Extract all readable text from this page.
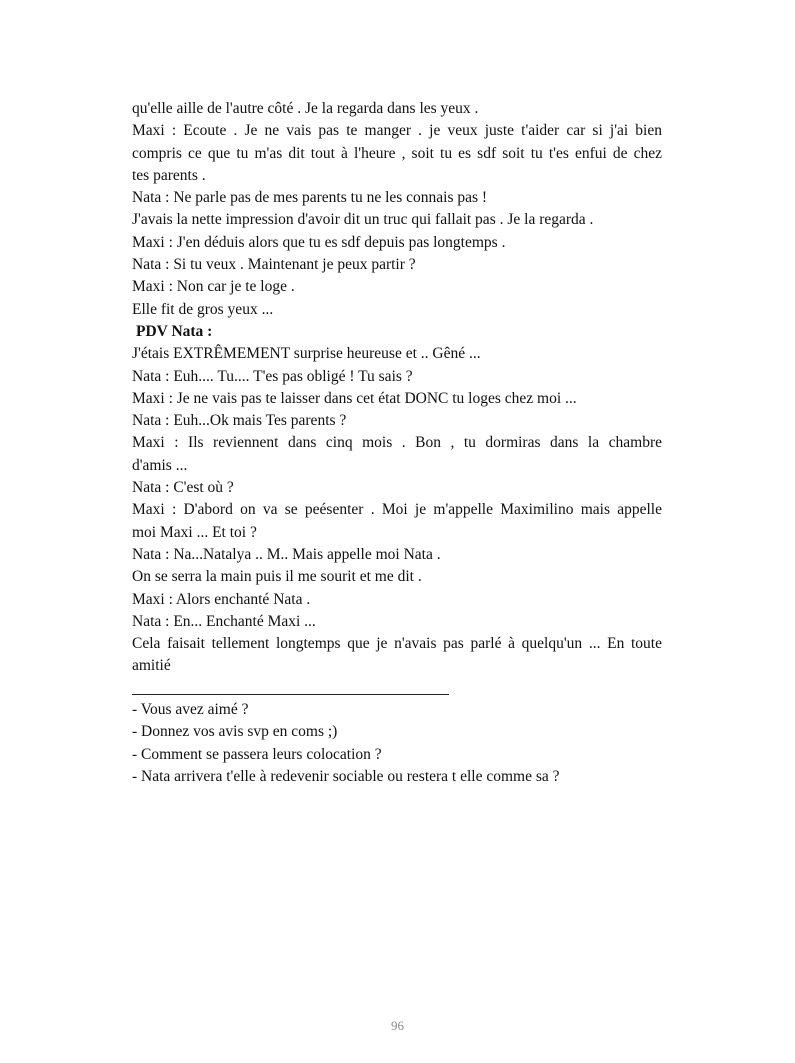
qu'elle aille de l'autre côté . Je la regarda dans les yeux .
Maxi : Ecoute . Je ne vais pas te manger . je veux juste t'aider car si j'ai bien
compris ce que tu m'as dit tout à l'heure , soit tu es sdf soit tu t'es enfui de chez
tes parents .
Nata : Ne parle pas de mes parents tu ne les connais pas !
J'avais la nette impression d'avoir dit un truc qui fallait pas . Je la regarda .
Maxi : J'en déduis alors que tu es sdf depuis pas longtemps .
Nata : Si tu veux . Maintenant je peux partir ?
Maxi : Non car je te loge .
Elle fit de gros yeux ...
PDV Nata :
J'étais EXTRÊMEMENT surprise heureuse et .. Gêné ...
Nata : Euh.... Tu.... T'es pas obligé ! Tu sais ?
Maxi : Je ne vais pas te laisser dans cet état DONC tu loges chez moi ...
Nata : Euh...Ok mais Tes parents ?
Maxi : Ils reviennent dans cinq mois . Bon , tu dormiras dans la chambre
d'amis ...
Nata : C'est où ?
Maxi : D'abord on va se peésenter . Moi je m'appelle Maximilino mais appelle
moi Maxi ... Et toi ?
Nata : Na...Natalya .. M.. Mais appelle moi Nata .
On se serra la main puis il me sourit et me dit .
Maxi : Alors enchanté Nata .
Nata : En... Enchanté Maxi ...
Cela faisait tellement longtemps que je n'avais pas parlé à quelqu'un ... En toute
amitié
- Vous avez aimé ?
- Donnez vos avis svp en coms ;)
- Comment se passera leurs colocation ?
- Nata arrivera t'elle à redevenir sociable ou restera t elle comme sa ?
96
